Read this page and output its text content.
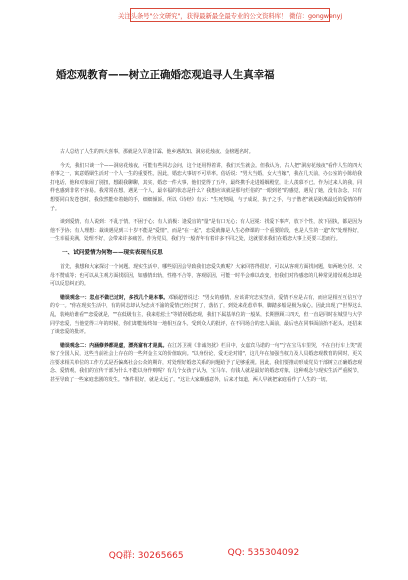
关注头条号"公文研究"，获得最新最全最专业的公文资料库！ 微信：gongwenyj
婚恋观教育——树立正确婚恋观追寻人生真幸福

古人总结了人生的四大喜事，那就是久旱逢甘霖、他乡遇故知、洞房花烛夜、金榜题名时。

今天，我们只谈一个——洞房花烛夜，可能有些同志会问，这个还用得着讲，我们天生就会。但我认为，古人把"洞房花烛夜"看作人生的四大喜事之一，寓意婚姻生活对一个人一生的重要性。因此，婚恋大事切不可草率。俗话说："男大当婚，女大当嫁"，我在几天前，办公室的小陈给我打电话，他和对象闹了别扭，想跟我聊聊，其实，婚恋一件大事，他们觉得了五年，最终携手走进婚姻殿堂，让人羡慕不已。作为过来人的我，同样也感到非常不容易。我常常在想，遇见一个人，最幸福的状态是什么？我想应该就是那句烂俗的"一眼到老"的感觉，遇见了她，没有杂念，只有想要同白发苍苍时，我依然能牵着她的手，细细倾诉。所以《诗经》有云："生死契阔，与子成说，执子之手，与子偕老"就是距离最近的爱情的样子。

谈到爱情，有人说到：不乱于情，不困于心；有人消极：逢爱盲的"量"是有口无心；有人冠冕：找爱下事声，放下个性，放下固执，都是因为他不予协；有人理想：裁谈遇见到三十岁不能是"爱情"，而是"在一起"，恋爱就像是人生必修课的一个重要阶段，也是人生的一道"坎"处理得好，一生幸福美满，处理不好，会带来许多痛苦。作为党员，我们与一般青年有着许多不同之处，这就要求我们在婚恋大事上更要三思而行。

一、试问爱情为何物——现实表现当反思

首先，我想和大家探讨一个问题。现实生活中，哪些原因会导致我们恋爱失败呢？大家回答得很好，可以从客观方面找问题，如两地分居、父母不赞成等；也可以从主观方面找原因，如感情出轨，性格不合等，客观原因，可能一时半会难以改变，但我们对待感恋的几种常见错误观念却是可以反思纠正的。

错误观念一：忽点不做已过时，多找几个是本事。邓颖超曾说过："男女的感情，应该讲究忠实坚贞，爱情不应是占有，而应是相互互信互守的专一。"你在现实生活中，有的同志却认为忠贞不渝的爱情已经过时了，落伍了，到处来花惹草事，脚踏多船是极为成心。因此出现了"世界这么乱，装纯给谁看""恋爱就是，""在低级有主，我来松松土"等错误婚恋观，我们下属基单位的一般某，长期照顾三四天，但一直是同时在城里与大学同学恋爱，当他觉得三年的时候，你们却能始终如一地相互奋斗。受到众人的批评，在不同场合的恋人面前，最后也在同事面前抬不起头，还招来了谈恋爱的批评。

错误观念二：内涵修养都是虚，漂亮富有才是真。在江苏卫视《非诚勿扰》栏目中，女嘉宾马诺的一句"宁在宝马车里哭，不在自行车上笑"震惊了全国人民，这些当前社会上存在的一些拜金主义的价值取向。"以身份论，爱无论对错"，这几年在加强当权力及人员婚恋观教育的同时，更关注要求相关单位的工作方式是否偏离社会公众的期许，对处理好婚恋关系的问题给予了足够重视。因此，我们要推动形成党员干部树立正确婚恋观念、爱情观，我们的宣传干部为什么不能以身作则呢？有几个女孩子认为，宝马车、有钱人就是最好的婚恋对象，这种观念与现实生活严重脱节，甚至导致了一些家庭悲剧的发生。"条件很好，就是太远了，"这让大家颇感意外，后来才知道，两人早就把家庭看作了人生的一切。

QQ群: 30265665	QQ: 535304092
